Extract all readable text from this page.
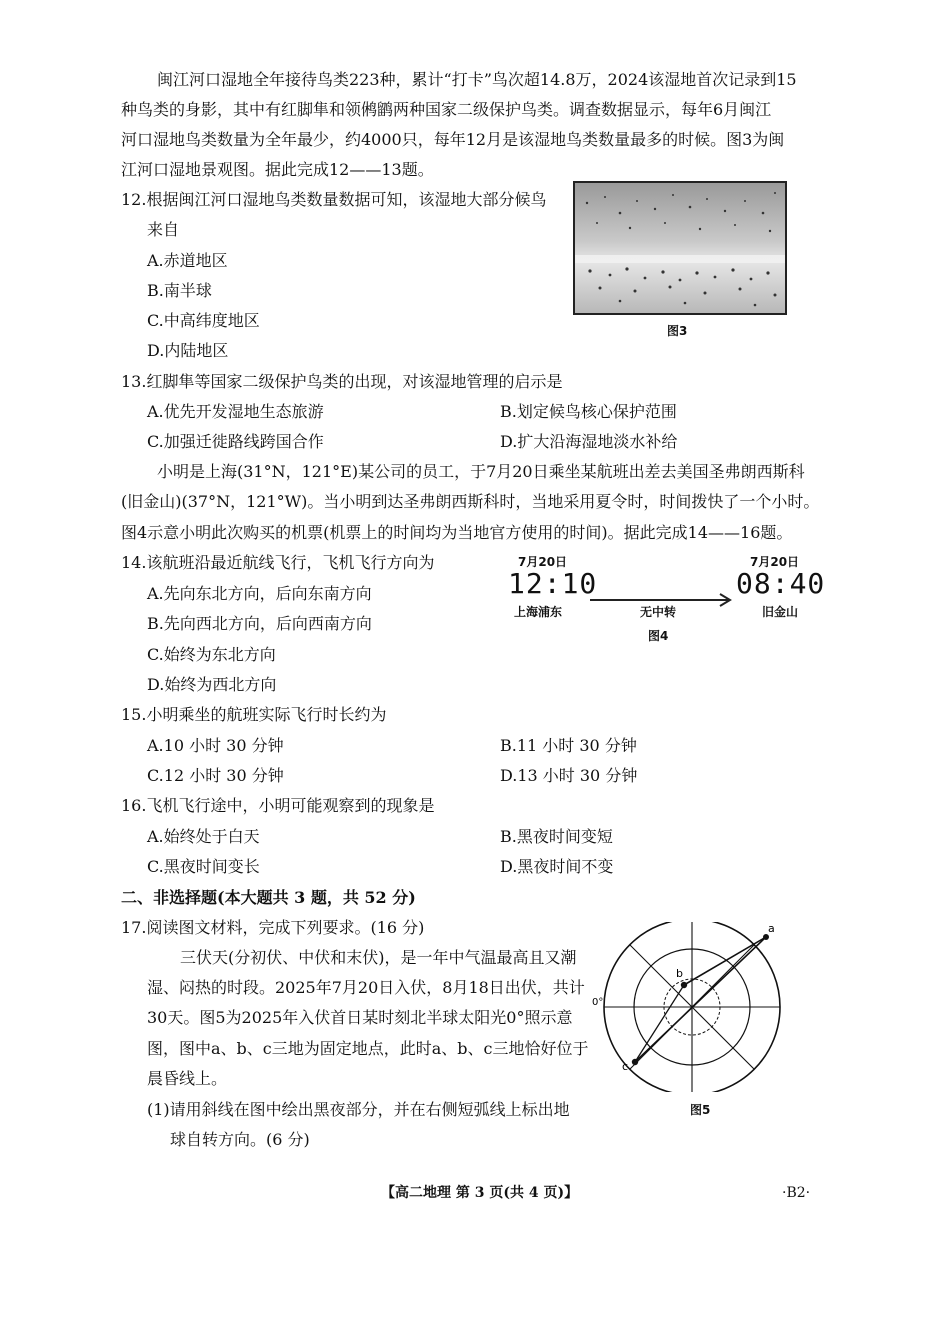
闽江河口湿地全年接待鸟类223种，累计“打卡”鸟次超14.8万，2024该湿地首次记录到15
种鸟类的身影，其中有红脚隼和领鸺鹠两种国家二级保护鸟类。调查数据显示，每年6月闽江
河口湿地鸟类数量为全年最少，约4000只，每年12月是该湿地鸟类数量最多的时候。图3为闽
江河口湿地景观图。据此完成12——13题。
12.根据闽江河口湿地鸟类数量数据可知，该湿地大部分候鸟
来自
A.赤道地区
B.南半球
C.中高纬度地区
D.内陆地区
图3
13.红脚隼等国家二级保护鸟类的出现，对该湿地管理的启示是
A.优先开发湿地生态旅游	B.划定候鸟核心保护范围
C.加强迁徙路线跨国合作	D.扩大沿海湿地淡水补给
小明是上海(31°N，121°E)某公司的员工，于7月20日乘坐某航班出差去美国圣弗朗西斯科
(旧金山)(37°N，121°W)。当小明到达圣弗朗西斯科时，当地采用夏令时，时间拨快了一个小时。
图4示意小明此次购买的机票(机票上的时间均为当地官方使用的时间)。据此完成14——16题。
14.该航班沿最近航线飞行，飞机飞行方向为
A.先向东北方向，后向东南方向
B.先向西北方向，后向西南方向
C.始终为东北方向
D.始终为西北方向
7月20日
12:10
上海浦东
7月20日
08:40
旧金山
无中转
图4
15.小明乘坐的航班实际飞行时长约为
A.10 小时 30 分钟	B.11 小时 30 分钟
C.12 小时 30 分钟	D.13 小时 30 分钟
16.飞机飞行途中，小明可能观察到的现象是
A.始终处于白天	B.黑夜时间变短
C.黑夜时间变长	D.黑夜时间不变
二、非选择题(本大题共 3 题，共 52 分)
17.阅读图文材料，完成下列要求。(16 分)
三伏天(分初伏、中伏和末伏)，是一年中气温最高且又潮
湿、闷热的时段。2025年7月20日入伏，8月18日出伏，共计
30天。图5为2025年入伏首日某时刻北半球太阳光0°照示意
图，图中a、b、c三地为固定地点，此时a、b、c三地恰好位于
晨昏线上。
(1)请用斜线在图中绘出黑夜部分，并在右侧短弧线上标出地
球自转方向。(6 分)
a
b
c
0°
图5
【高二地理 第 3 页(共 4 页)】	·B2·
